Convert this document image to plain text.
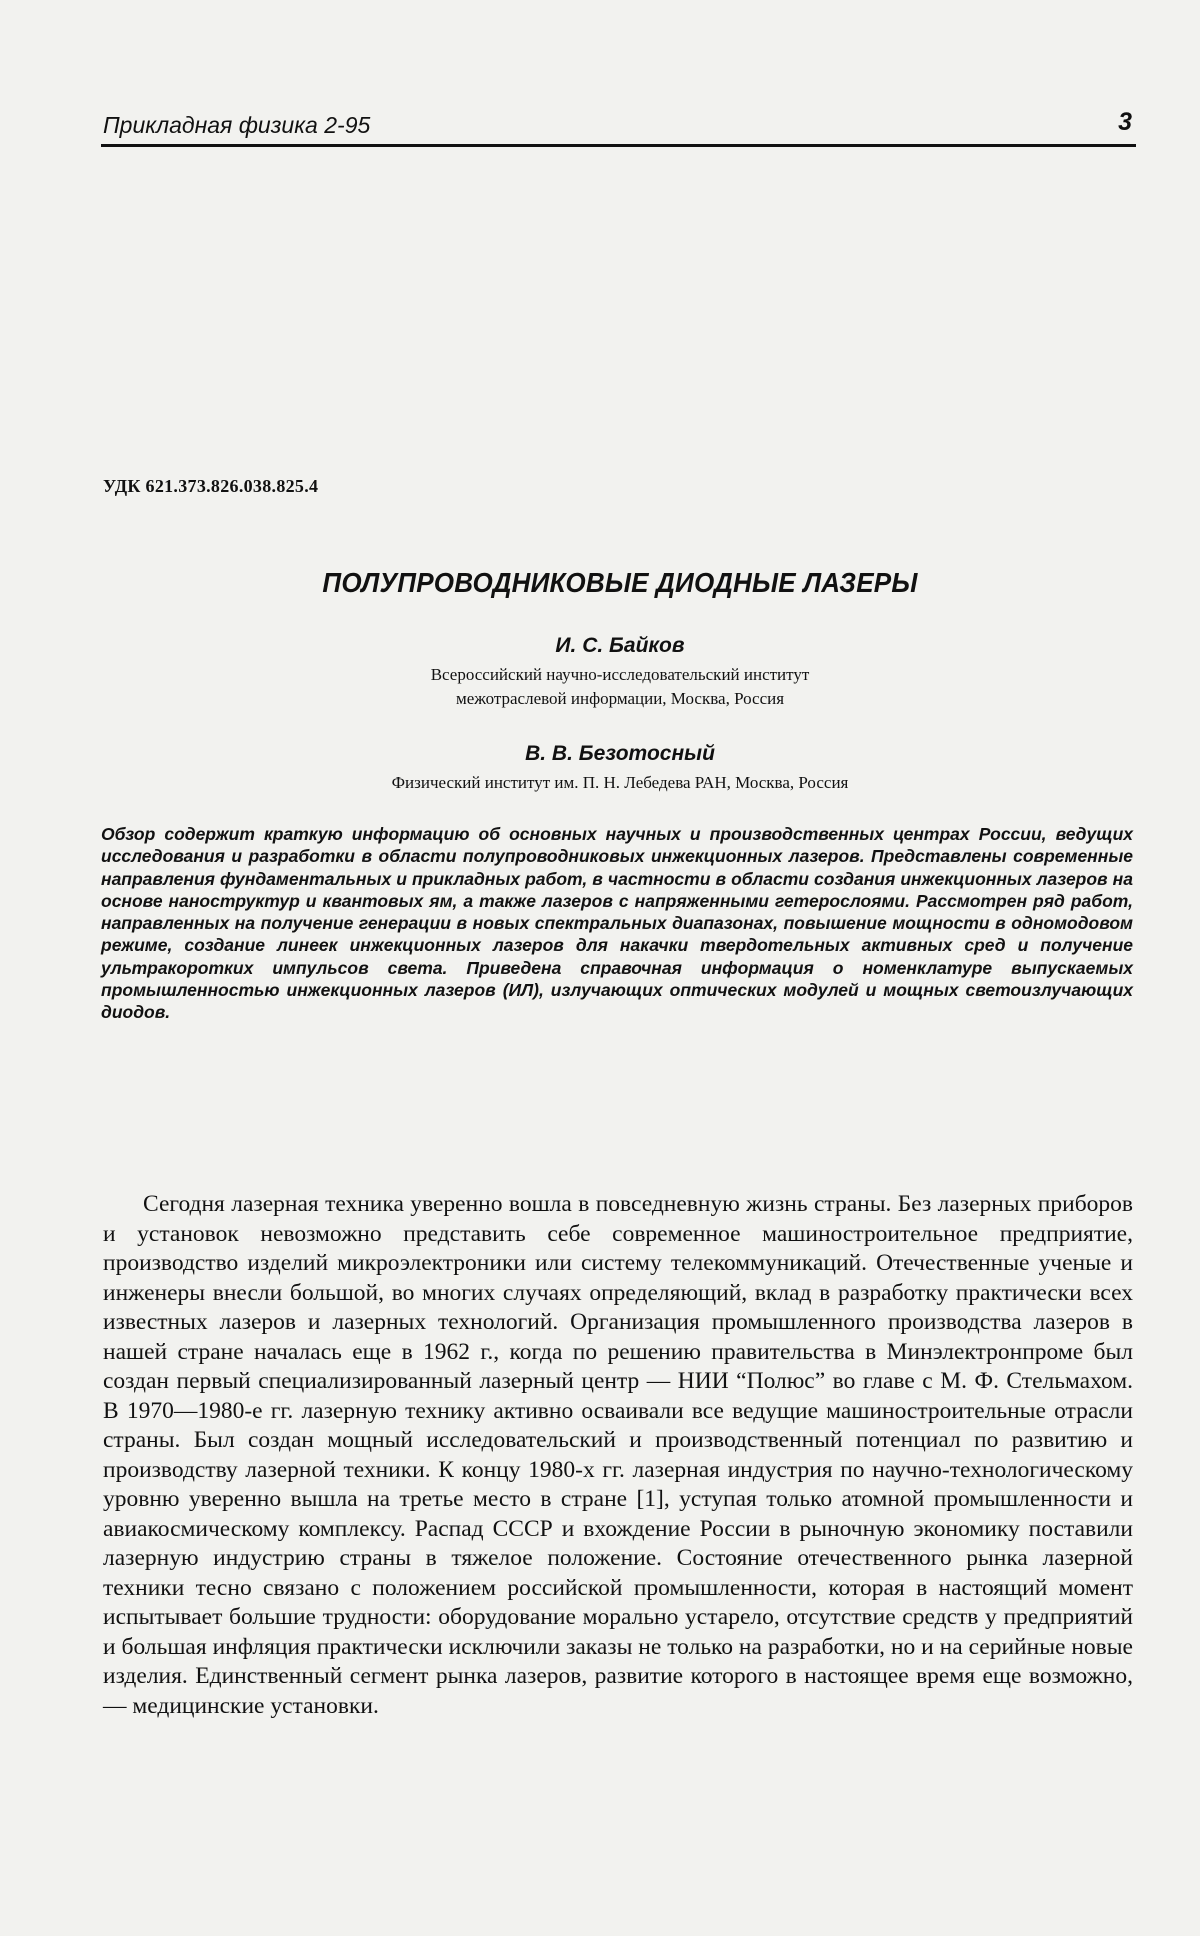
Прикладная физика 2-95	3
УДК 621.373.826.038.825.4
ПОЛУПРОВОДНИКОВЫЕ ДИОДНЫЕ ЛАЗЕРЫ
И. С. Байков
Всероссийский научно-исследовательский институт
межотраслевой информации, Москва, Россия
В. В. Безотосный
Физический институт им. П. Н. Лебедева РАН, Москва, Россия
Обзор содержит краткую информацию об основных научных и производственных центрах России, ведущих исследования и разработки в области полупроводниковых инжекционных лазеров. Представлены современные направления фундаментальных и прикладных работ, в частности в области создания инжекционных лазеров на основе наноструктур и квантовых ям, а также лазеров с напряженными гетерослоями. Рассмотрен ряд работ, направленных на получение генерации в новых спектральных диапазонах, повышение мощности в одномодовом режиме, создание линеек инжекционных лазеров для накачки твердотельных активных сред и получение ультракоротких импульсов света. Приведена справочная информация о номенклатуре выпускаемых промышленностью инжекционных лазеров (ИЛ), излучающих оптических модулей и мощных светоизлучающих диодов.
Сегодня лазерная техника уверенно вошла в повседневную жизнь страны. Без лазерных приборов и установок невозможно представить себе современное машиностроительное предприятие, производство изделий микроэлектроники или систему телекоммуникаций. Отечественные ученые и инженеры внесли большой, во многих случаях определяющий, вклад в разработку практически всех известных лазеров и лазерных технологий. Организация промышленного производства лазеров в нашей стране началась еще в 1962 г., когда по решению правительства в Минэлектронпроме был создан первый специализированный лазерный центр — НИИ “Полюс” во главе с М. Ф. Стельмахом. В 1970—1980-е гг. лазерную технику активно осваивали все ведущие машиностроительные отрасли страны. Был создан мощный исследовательский и производственный потенциал по развитию и производству лазерной техники. К концу 1980-х гг. лазерная индустрия по научно-технологическому уровню уверенно вышла на третье место в стране [1], уступая только атомной промышленности и авиакосмическому комплексу. Распад СССР и вхождение России в рыночную экономику поставили лазерную индустрию страны в тяжелое положение. Состояние отечественного рынка лазерной техники тесно связано с положением российской промышленности, которая в настоящий момент испытывает большие трудности: оборудование морально устарело, отсутствие средств у предприятий и большая инфляция практически исключили заказы не только на разработки, но и на серийные новые изделия. Единственный сегмент рынка лазеров, развитие которого в настоящее время еще возможно,— медицинские установки.
